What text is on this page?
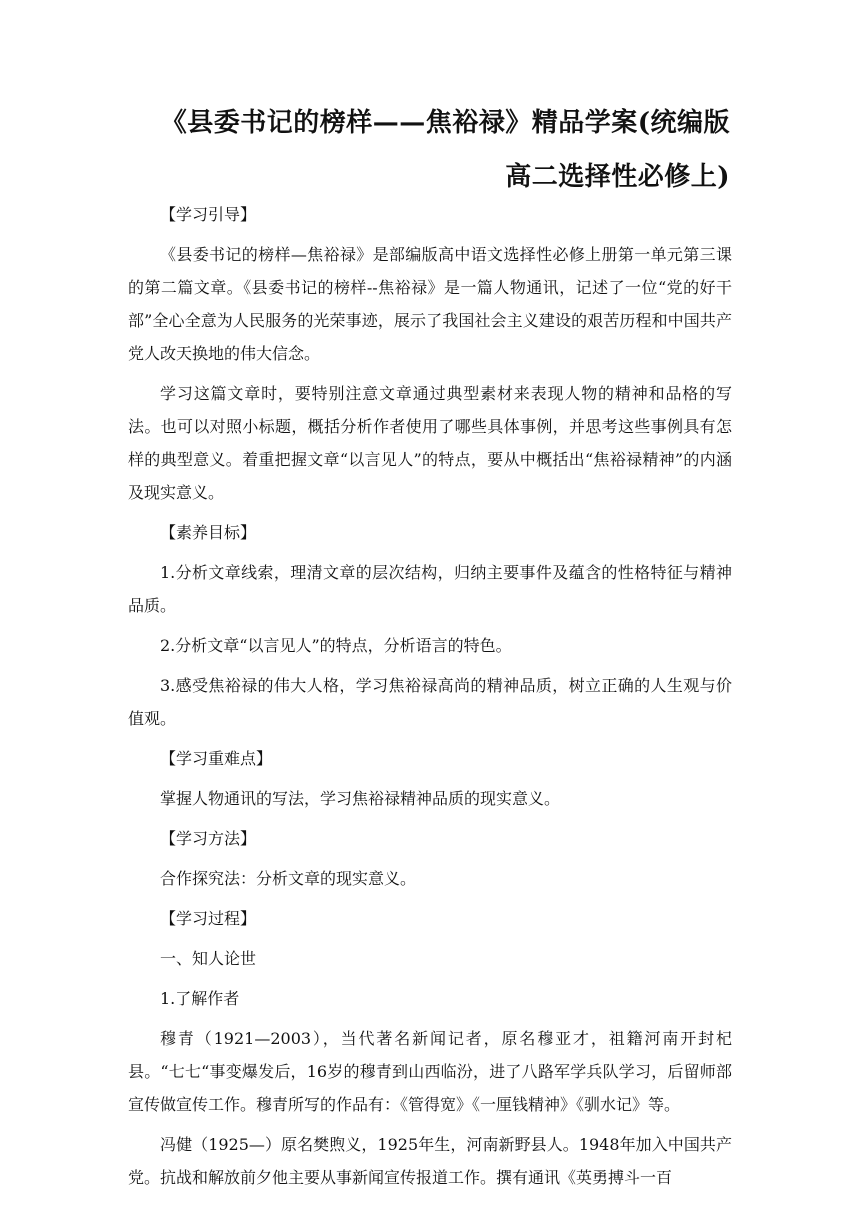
《县委书记的榜样——焦裕禄》精品学案(统编版
高二选择性必修上)
【学习引导】

《县委书记的榜样—焦裕禄》是部编版高中语文选择性必修上册第一单元第三课的第二篇文章。《县委书记的榜样--焦裕禄》是一篇人物通讯，记述了一位“党的好干部”全心全意为人民服务的光荣事迹，展示了我国社会主义建设的艰苦历程和中国共产党人改天换地的伟大信念。

学习这篇文章时，要特别注意文章通过典型素材来表现人物的精神和品格的写法。也可以对照小标题，概括分析作者使用了哪些具体事例，并思考这些事例具有怎样的典型意义。着重把握文章“以言见人”的特点，要从中概括出“焦裕禄精神”的内涵及现实意义。

【素养目标】

1.分析文章线索，理清文章的层次结构，归纳主要事件及蕴含的性格特征与精神品质。

2.分析文章“以言见人”的特点，分析语言的特色。

3.感受焦裕禄的伟大人格，学习焦裕禄高尚的精神品质，树立正确的人生观与价值观。

【学习重难点】
掌握人物通讯的写法，学习焦裕禄精神品质的现实意义。
【学习方法】
合作探究法：分析文章的现实意义。
【学习过程】
一、知人论世
1.了解作者

穆青（1921—2003），当代著名新闻记者，原名穆亚才，祖籍河南开封杞县。“七七“事变爆发后，16岁的穆青到山西临汾，进了八路军学兵队学习，后留师部宣传做宣传工作。穆青所写的作品有：《管得宽》《一厘钱精神》《驯水记》等。

冯健（1925—）原名樊煦义，1925年生，河南新野县人。1948年加入中国共产党。抗战和解放前夕他主要从事新闻宣传报道工作。撰有通讯《英勇搏斗一百
